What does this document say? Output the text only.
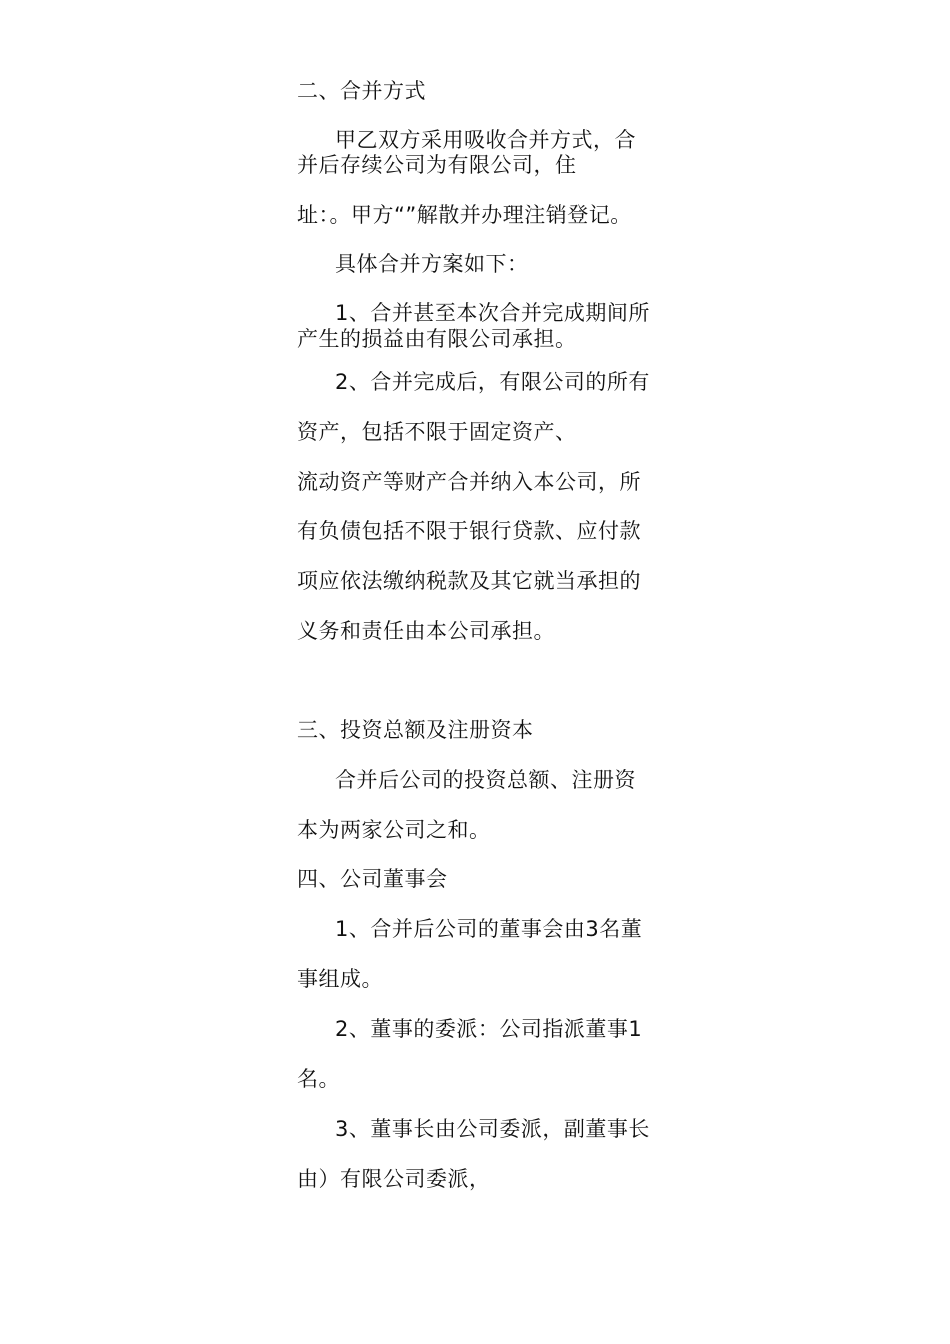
二、合并方式
甲乙双方采用吸收合并方式，合
并后存续公司为有限公司，住
址：。甲方“”解散并办理注销登记。
具体合并方案如下：
1、合并甚至本次合并完成期间所
产生的损益由有限公司承担。
2、合并完成后，有限公司的所有
资产，包括不限于固定资产、
流动资产等财产合并纳入本公司，所
有负债包括不限于银行贷款、应付款
项应依法缴纳税款及其它就当承担的
义务和责任由本公司承担。
三、投资总额及注册资本
合并后公司的投资总额、注册资
本为两家公司之和。
四、公司董事会
1、合并后公司的董事会由3名董
事组成。
2、董事的委派：公司指派董事1
名。
3、董事长由公司委派，副董事长
由）有限公司委派，
